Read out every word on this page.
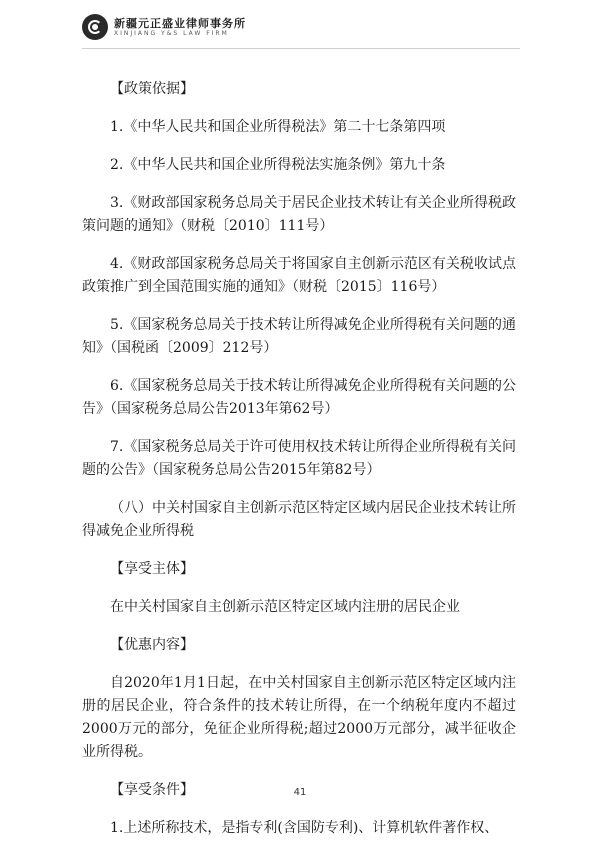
新疆元正盛业律师事务所
XINJIANG Y&S LAW FIRM

【政策依据】

1.《中华人民共和国企业所得税法》第二十七条第四项

2.《中华人民共和国企业所得税法实施条例》第九十条

3.《财政部国家税务总局关于居民企业技术转让有关企业所得税政策问题的通知》（财税〔2010〕111号）

4.《财政部国家税务总局关于将国家自主创新示范区有关税收试点政策推广到全国范围实施的通知》（财税〔2015〕116号）

5.《国家税务总局关于技术转让所得减免企业所得税有关问题的通知》（国税函〔2009〕212号）

6.《国家税务总局关于技术转让所得减免企业所得税有关问题的公告》（国家税务总局公告2013年第62号）

7.《国家税务总局关于许可使用权技术转让所得企业所得税有关问题的公告》（国家税务总局公告2015年第82号）

（八）中关村国家自主创新示范区特定区域内居民企业技术转让所得减免企业所得税

【享受主体】

在中关村国家自主创新示范区特定区域内注册的居民企业

【优惠内容】

自2020年1月1日起，在中关村国家自主创新示范区特定区域内注册的居民企业，符合条件的技术转让所得，在一个纳税年度内不超过2000万元的部分，免征企业所得税;超过2000万元部分，减半征收企业所得税。

【享受条件】

1.上述所称技术，是指专利(含国防专利)、计算机软件著作权、

41
